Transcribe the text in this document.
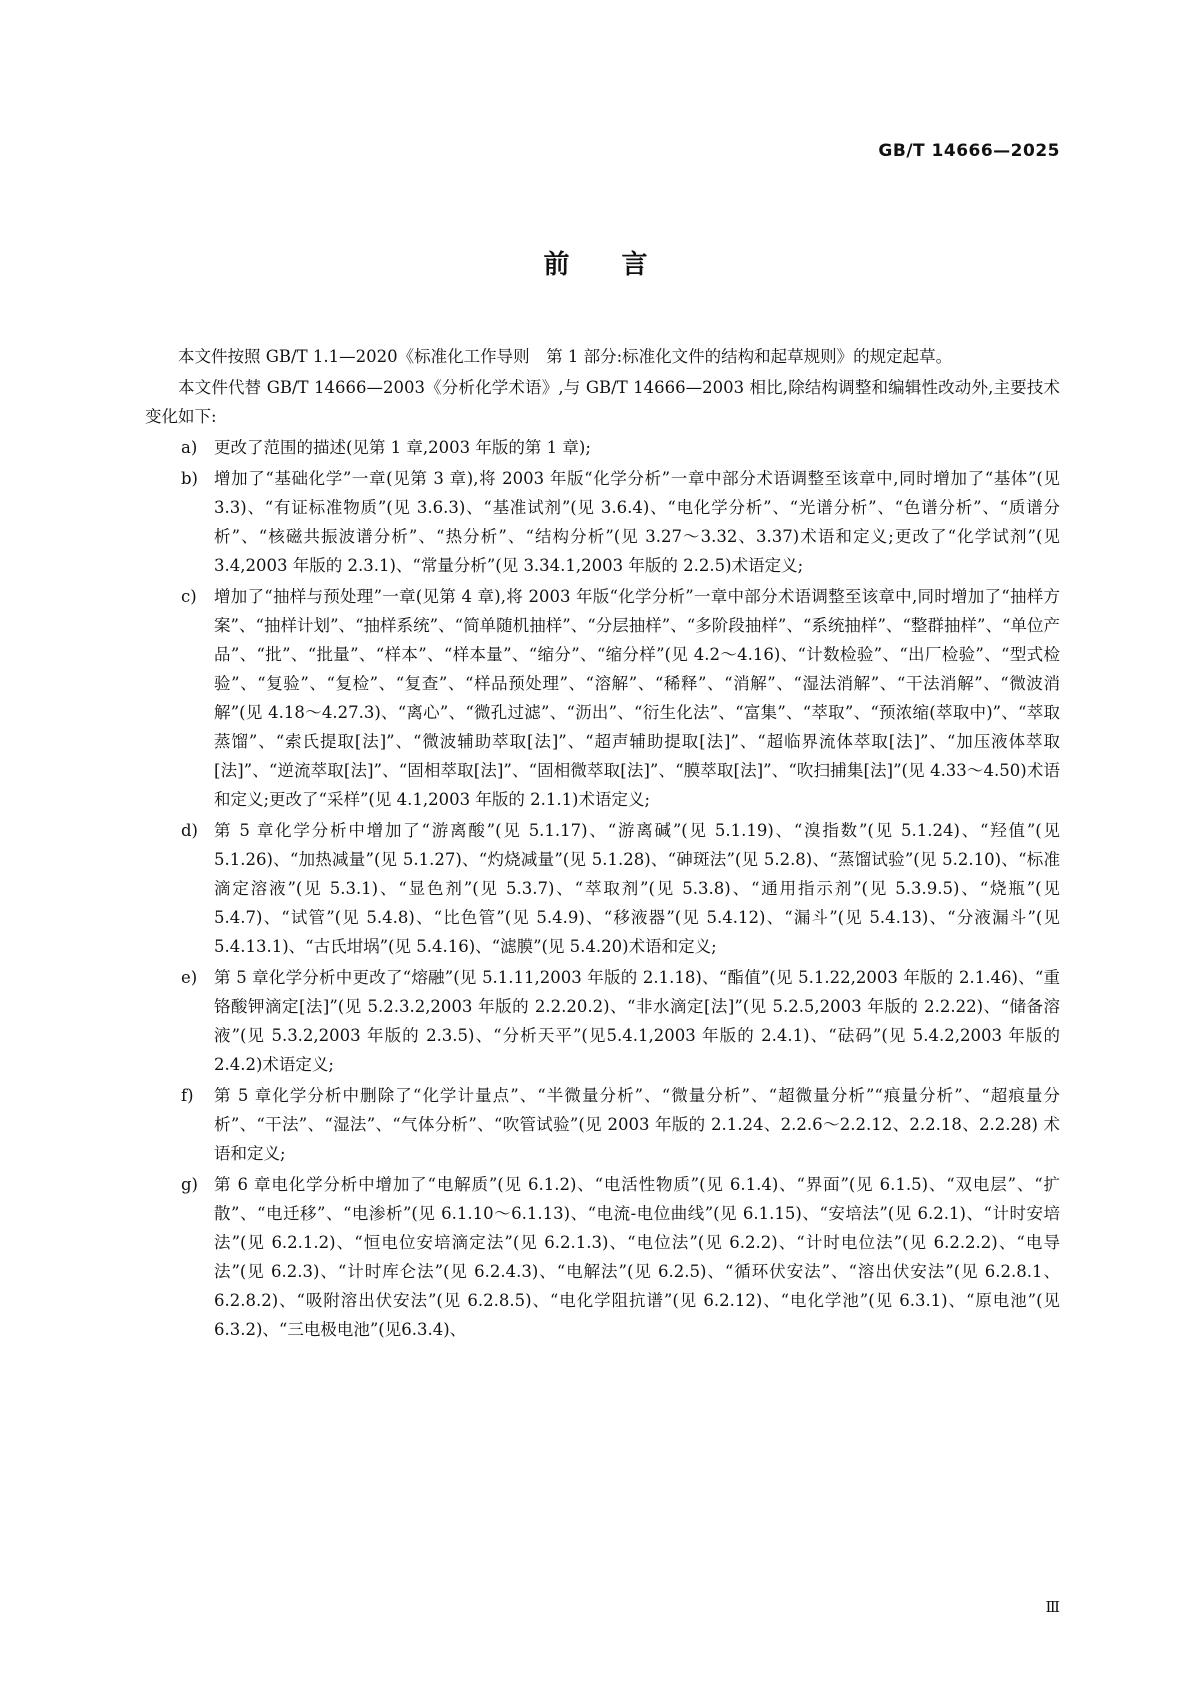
GB/T 14666—2025
前言

本文件按照 GB/T 1.1—2020《标准化工作导则　第 1 部分:标准化文件的结构和起草规则》的规定起草。

本文件代替 GB/T 14666—2003《分析化学术语》,与 GB/T 14666—2003 相比,除结构调整和编辑性改动外,主要技术变化如下:

a)	更改了范围的描述(见第 1 章,2003 年版的第 1 章);
b) 增加了“基础化学”一章(见第 3 章),将 2003 年版“化学分析”一章中部分术语调整至该章中,同时增加了“基体”(见 3.3)、“有证标准物质”(见 3.6.3)、“基准试剂”(见 3.6.4)、“电化学分析”、“光谱分析”、“色谱分析”、“质谱分析”、“核磁共振波谱分析”、“热分析”、“结构分析”(见 3.27～3.32、3.37)术语和定义;更改了“化学试剂”(见 3.4,2003 年版的 2.3.1)、“常量分析”(见 3.34.1,2003 年版的 2.2.5)术语定义;
c)	增加了“抽样与预处理”一章(见第 4 章),将 2003 年版“化学分析”一章中部分术语调整至该章中,同时增加了“抽样方案”、“抽样计划”、“抽样系统”、“简单随机抽样”、“分层抽样”、“多阶段抽样”、“系统抽样”、“整群抽样”、“单位产品”、“批”、“批量”、“样本”、“样本量”、“缩分”、“缩分样”(见 4.2～4.16)、“计数检验”、“出厂检验”、“型式检验”、“复验”、“复检”、“复查”、“样品预处理”、“溶解”、“稀释”、“消解”、“湿法消解”、“干法消解”、“微波消解”(见 4.18～4.27.3)、“离心”、“微孔过滤”、“沥出”、“衍生化法”、“富集”、“萃取”、“预浓缩(萃取中)”、“萃取蒸馏”、“索氏提取[法]”、“微波辅助萃取[法]”、“超声辅助提取[法]”、“超临界流体萃取[法]”、“加压液体萃取[法]”、“逆流萃取[法]”、“固相萃取[法]”、“固相微萃取[法]”、“膜萃取[法]”、“吹扫捕集[法]”(见 4.33～4.50)术语和定义;更改了“采样”(见 4.1,2003 年版的 2.1.1)术语定义;
d) 第 5 章化学分析中增加了“游离酸”(见 5.1.17)、“游离碱”(见 5.1.19)、“溴指数”(见 5.1.24)、“羟值”(见 5.1.26)、“加热减量”(见 5.1.27)、“灼烧减量”(见 5.1.28)、“砷斑法”(见 5.2.8)、“蒸馏试验”(见 5.2.10)、“标准滴定溶液”(见 5.3.1)、“显色剂”(见 5.3.7)、“萃取剂”(见 5.3.8)、“通用指示剂”(见 5.3.9.5)、“烧瓶”(见 5.4.7)、“试管”(见 5.4.8)、“比色管”(见 5.4.9)、“移液器”(见 5.4.12)、“漏斗”(见 5.4.13)、“分液漏斗”(见 5.4.13.1)、“古氏坩埚”(见 5.4.16)、“滤膜”(见 5.4.20)术语和定义;
e)	第 5 章化学分析中更改了“熔融”(见 5.1.11,2003 年版的 2.1.18)、“酯值”(见 5.1.22,2003 年版的 2.1.46)、“重铬酸钾滴定[法]”(见 5.2.3.2,2003 年版的 2.2.20.2)、“非水滴定[法]”(见 5.2.5,2003 年版的 2.2.22)、“储备溶液”(见 5.3.2,2003 年版的 2.3.5)、“分析天平”(见5.4.1,2003 年版的 2.4.1)、“砝码”(见 5.4.2,2003 年版的 2.4.2)术语定义;
f)	第 5 章化学分析中删除了“化学计量点”、“半微量分析”、“微量分析”、“超微量分析”“痕量分析”、“超痕量分析”、“干法”、“湿法”、“气体分析”、“吹管试验”(见 2003 年版的 2.1.24、2.2.6～2.2.12、2.2.18、2.2.28) 术语和定义;
g) 第 6 章电化学分析中增加了“电解质”(见 6.1.2)、“电活性物质”(见 6.1.4)、“界面”(见 6.1.5)、“双电层”、“扩散”、“电迁移”、“电渗析”(见 6.1.10～6.1.13)、“电流-电位曲线”(见 6.1.15)、“安培法”(见 6.2.1)、“计时安培法”(见 6.2.1.2)、“恒电位安培滴定法”(见 6.2.1.3)、“电位法”(见 6.2.2)、“计时电位法”(见 6.2.2.2)、“电导法”(见 6.2.3)、“计时库仑法”(见 6.2.4.3)、“电解法”(见 6.2.5)、“循环伏安法”、“溶出伏安法”(见 6.2.8.1、6.2.8.2)、“吸附溶出伏安法”(见 6.2.8.5)、“电化学阻抗谱”(见 6.2.12)、“电化学池”(见 6.3.1)、“原电池”(见 6.3.2)、“三电极电池”(见6.3.4)、
Ⅲ
